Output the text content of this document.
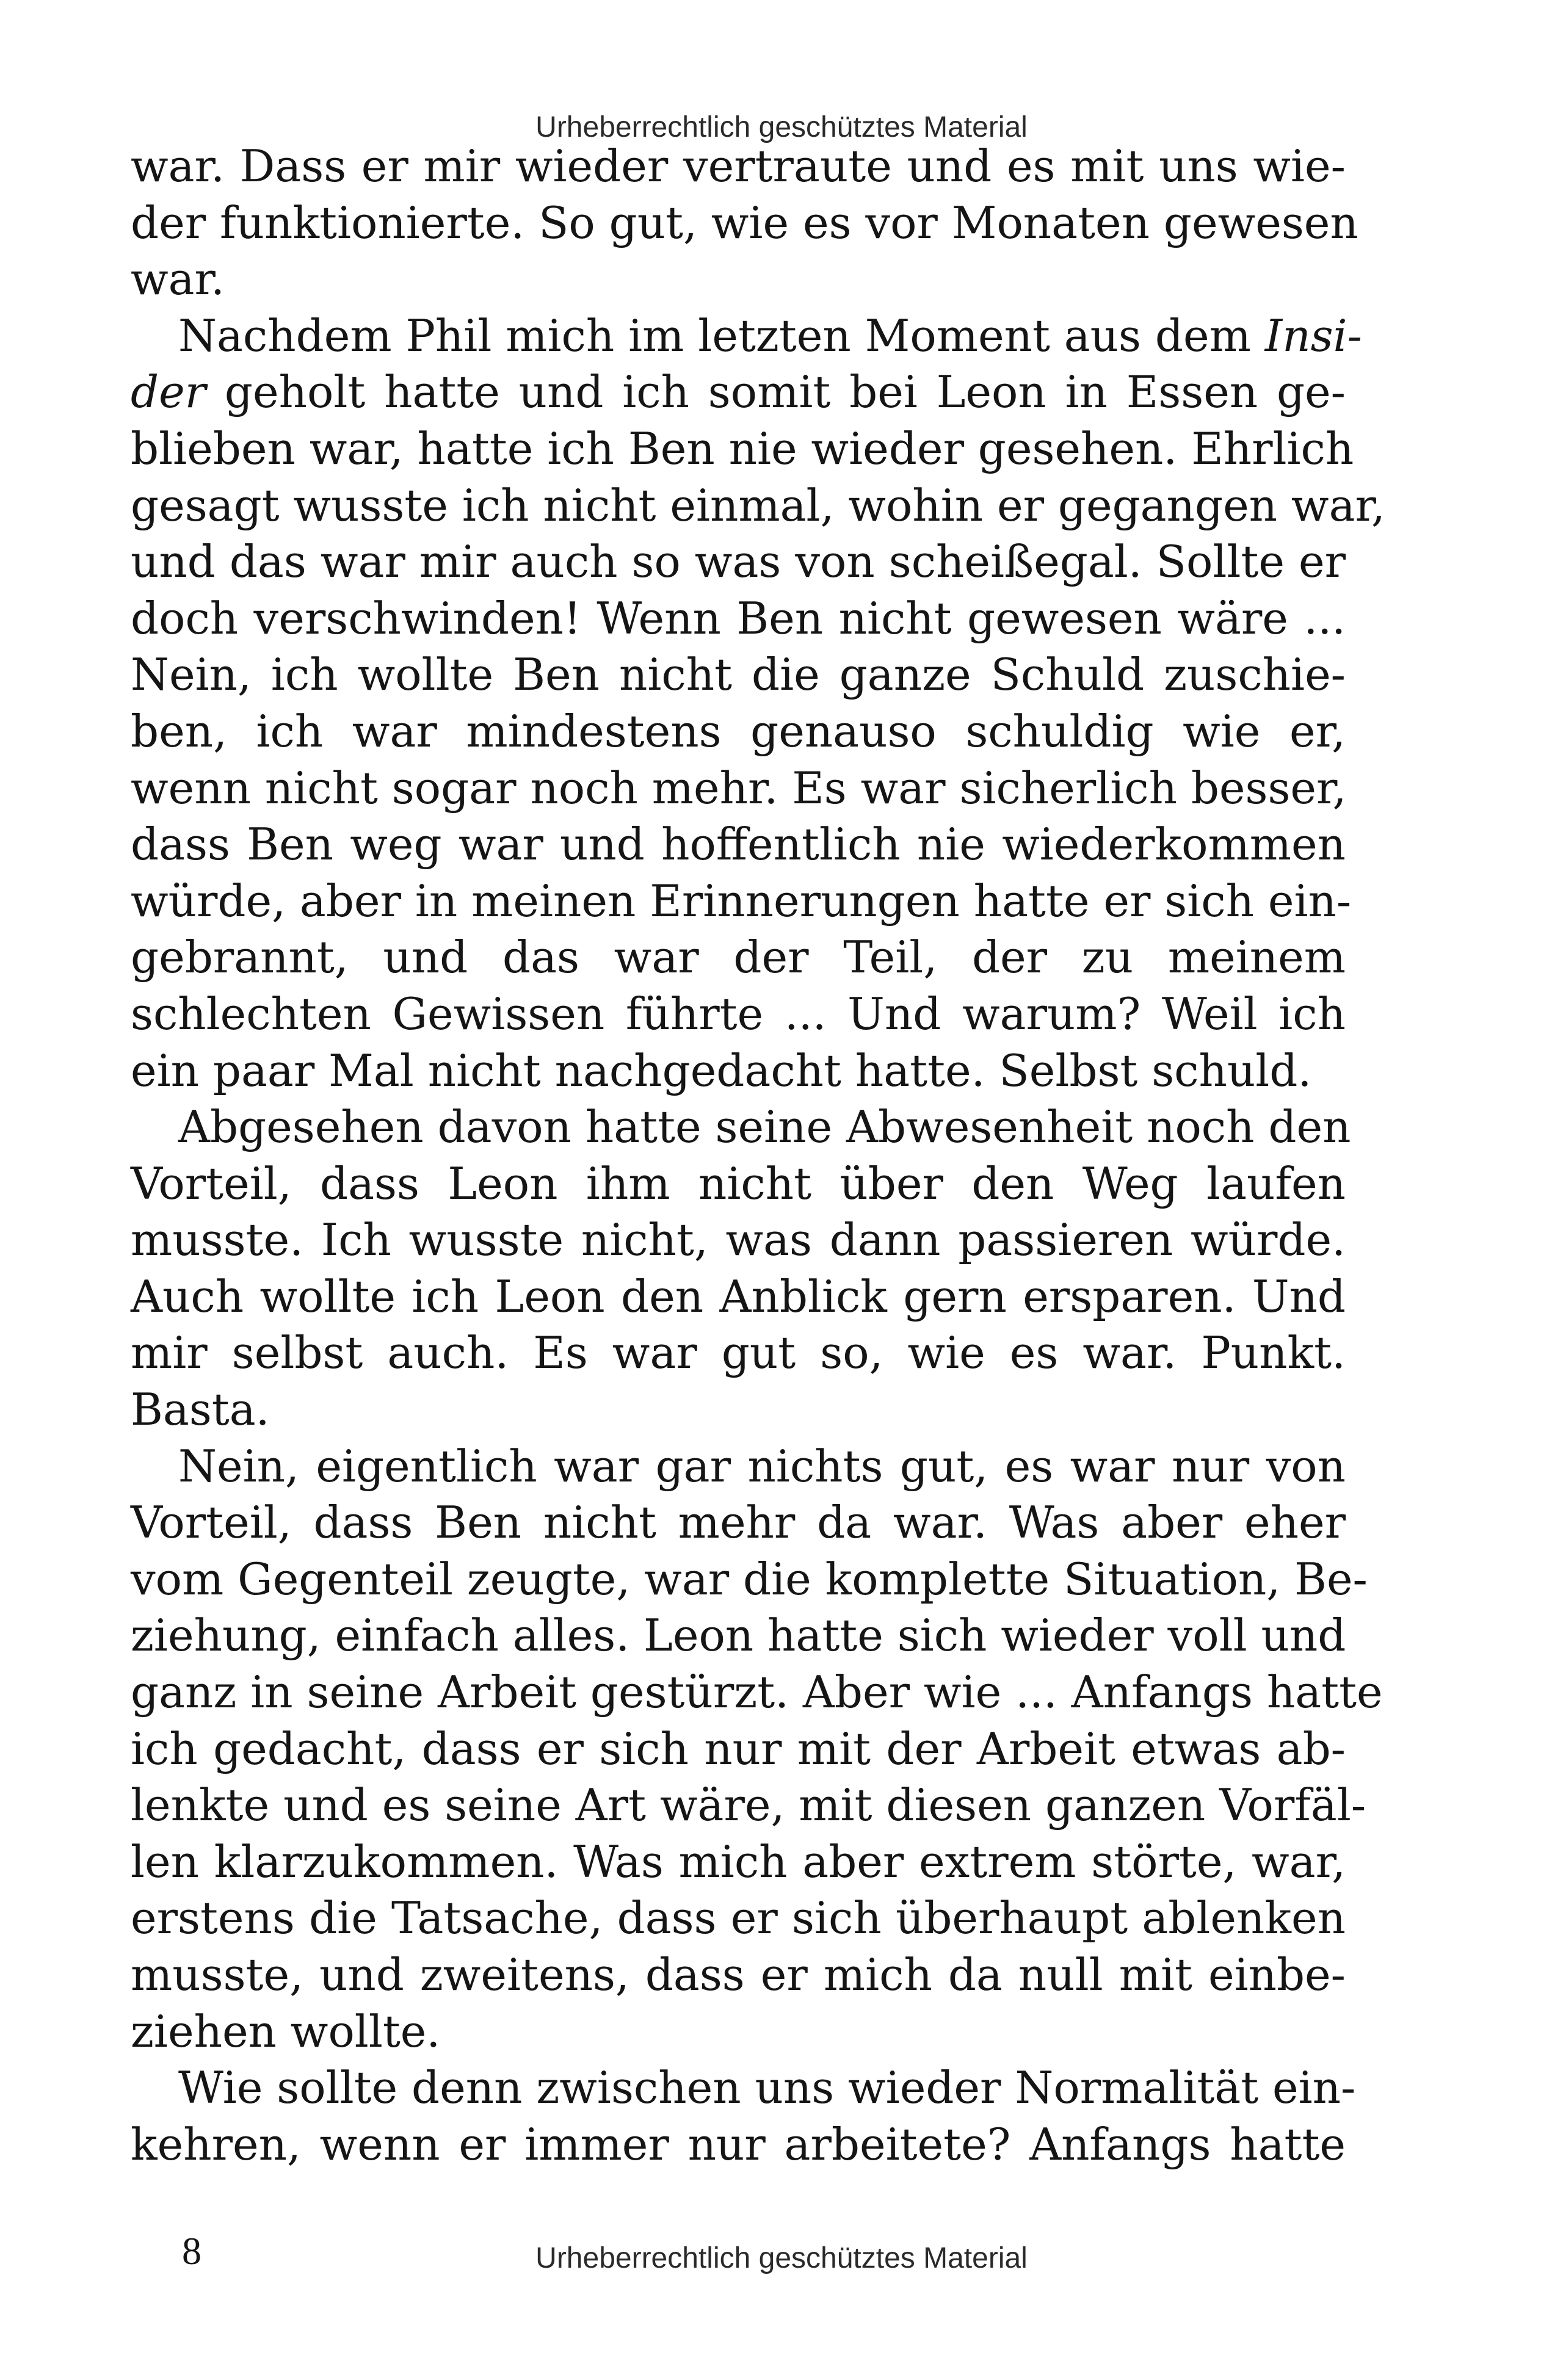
Urheberrechtlich geschütztes Material
war. Dass er mir wieder vertraute und es mit uns wie-
der funktionierte. So gut, wie es vor Monaten gewesen
war.
Nachdem Phil mich im letzten Moment aus dem Insi-
der geholt hatte und ich somit bei Leon in Essen ge-
blieben war, hatte ich Ben nie wieder gesehen. Ehrlich
gesagt wusste ich nicht einmal, wohin er gegangen war,
und das war mir auch so was von scheißegal. Sollte er
doch verschwinden! Wenn Ben nicht gewesen wäre ...
Nein, ich wollte Ben nicht die ganze Schuld zuschie-
ben, ich war mindestens genauso schuldig wie er,
wenn nicht sogar noch mehr. Es war sicherlich besser,
dass Ben weg war und hoffentlich nie wiederkommen
würde, aber in meinen Erinnerungen hatte er sich ein-
gebrannt, und das war der Teil, der zu meinem
schlechten Gewissen führte ... Und warum? Weil ich
ein paar Mal nicht nachgedacht hatte. Selbst schuld.
Abgesehen davon hatte seine Abwesenheit noch den
Vorteil, dass Leon ihm nicht über den Weg laufen
musste. Ich wusste nicht, was dann passieren würde.
Auch wollte ich Leon den Anblick gern ersparen. Und
mir selbst auch. Es war gut so, wie es war. Punkt.
Basta.
Nein, eigentlich war gar nichts gut, es war nur von
Vorteil, dass Ben nicht mehr da war. Was aber eher
vom Gegenteil zeugte, war die komplette Situation, Be-
ziehung, einfach alles. Leon hatte sich wieder voll und
ganz in seine Arbeit gestürzt. Aber wie ... Anfangs hatte
ich gedacht, dass er sich nur mit der Arbeit etwas ab-
lenkte und es seine Art wäre, mit diesen ganzen Vorfäl-
len klarzukommen. Was mich aber extrem störte, war,
erstens die Tatsache, dass er sich überhaupt ablenken
musste, und zweitens, dass er mich da null mit einbe-
ziehen wollte.
Wie sollte denn zwischen uns wieder Normalität ein-
kehren, wenn er immer nur arbeitete? Anfangs hatte
8	Urheberrechtlich geschütztes Material
